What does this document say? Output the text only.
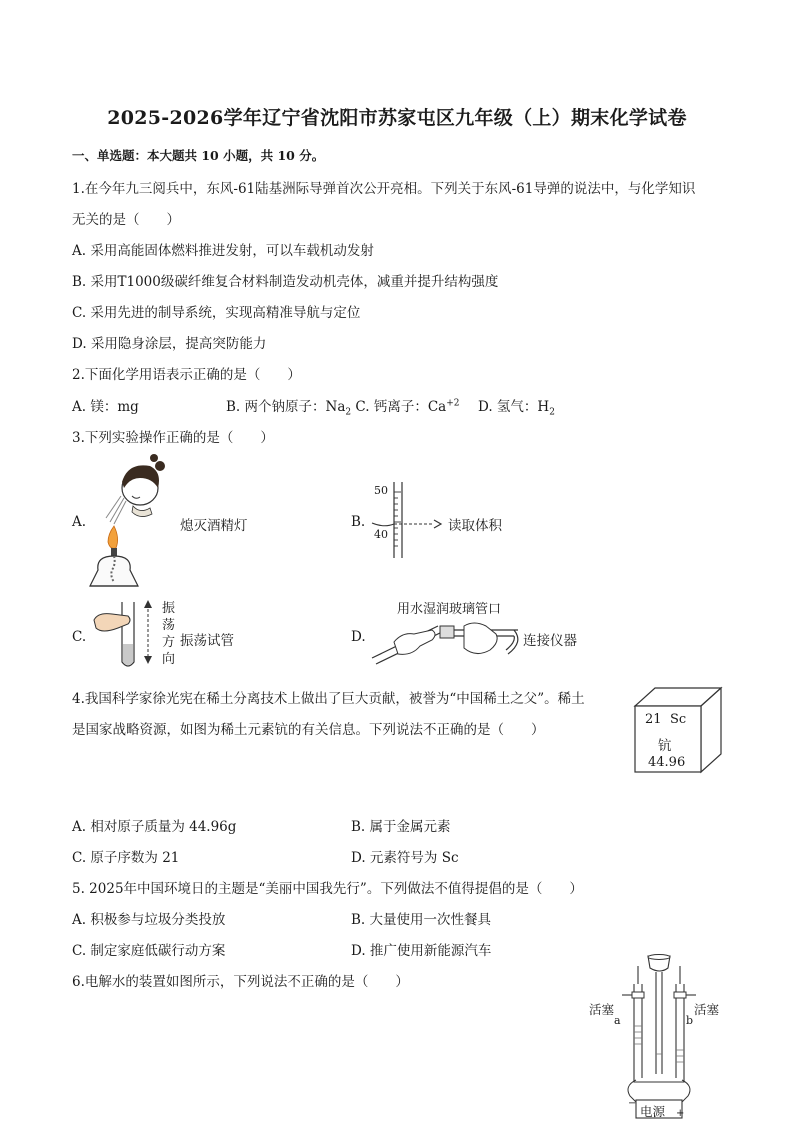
2025-2026学年辽宁省沈阳市苏家屯区九年级（上）期末化学试卷
一、单选题：本大题共 10 小题，共 10 分。
1.在今年九三阅兵中，东风-61陆基洲际导弹首次公开亮相。下列关于东风-61导弹的说法中，与化学知识
无关的是（　　）
A. 采用高能固体燃料推进发射，可以车载机动发射
B. 采用T1000级碳纤维复合材料制造发动机壳体，减重并提升结构强度
C. 采用先进的制导系统，实现高精准导航与定位
D. 采用隐身涂层，提高突防能力
2.下面化学用语表示正确的是（　　）
A. 镁：mg	B. 两个钠原子：$Na_2$ C. 钙离子：$Ca^{+2}$ D. 氢气：$H_2$
3.下列实验操作正确的是（　　）
A.	熄灭酒精灯	B.
50
40
读取体积
C.
振
荡
方
向
振荡试管	D.
用水湿润玻璃管口
连接仪器
4.我国科学家徐光宪在稀土分离技术上做出了巨大贡献，被誉为“中国稀土之父”。稀土
是国家战略资源，如图为稀土元素钪的有关信息。下列说法不正确的是（　　）
21 Sc
钪
44.96
A. 相对原子质量为 44.96g	B. 属于金属元素
C. 原子序数为 21	D. 元素符号为 Sc
5. 2025年中国环境日的主题是“美丽中国我先行”。下列做法不值得提倡的是（　　）
A. 积极参与垃圾分类投放	B. 大量使用一次性餐具
C. 制定家庭低碳行动方案	D. 推广使用新能源汽车
6.电解水的装置如图所示，下列说法不正确的是（　　）
活塞	活塞
a	b
电源
−
+
